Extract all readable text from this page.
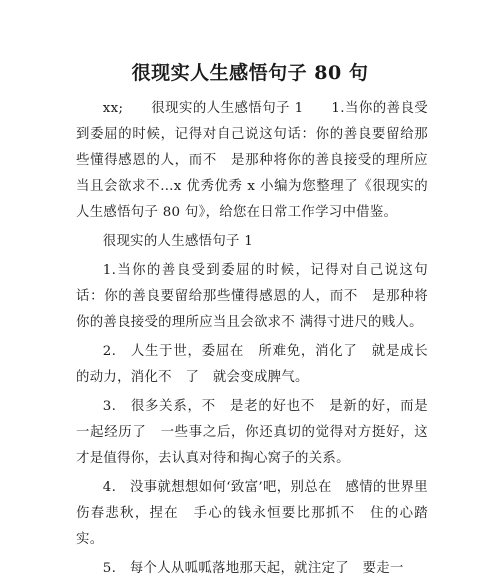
很现实人生感悟句子 80 句

xx;　　很现实的人生感悟句子 1　　1.当你的善良受到委屈的时候，记得对自己说这句话：你的善良要留给那些懂得感恩的人，而不　是那种将你的善良接受的理所应当且会欲求不…x 优秀优秀 x 小编为您整理了《很现实的人生感悟句子 80 句》，给您在日常工作学习中借鉴。

很现实的人生感悟句子 1

1.当你的善良受到委屈的时候，记得对自己说这句话：你的善良要留给那些懂得感恩的人，而不　是那种将你的善良接受的理所应当且会欲求不 满得寸进尺的贱人。

2.　人生于世，委屈在　所难免，消化了　就是成长的动力，消化不　了　就会变成脾气。

3.　很多关系，不　是老的好也不　是新的好，而是一起经历了　一些事之后，你还真切的觉得对方挺好，这才是值得你，去认真对待和掏心窝子的关系。

4.　没事就想想如何‘致富’吧，别总在　感情的世界里伤春悲秋，捏在　手心的钱永恒要比那抓不　住的心踏实。

5.　每个人从呱呱落地那天起，就注定了　要走一
